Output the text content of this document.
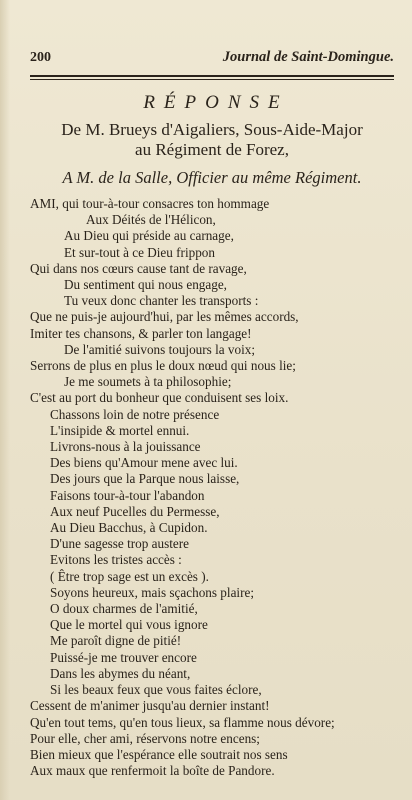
200	Journal de Saint-Domingue.
RÉPONSE
De M. Brueys d'Aigaliers, Sous-Aide-Major
au Régiment de Forez,
A M. de la Salle, Officier au même Régiment.
AMI, qui tour-à-tour consacres ton hommage
Aux Déités de l'Hélicon,
Au Dieu qui préside au carnage,
Et sur-tout à ce Dieu frippon
Qui dans nos cœurs cause tant de ravage,
Du sentiment qui nous engage,
Tu veux donc chanter les transports :
Que ne puis-je aujourd'hui, par les mêmes accords,
Imiter tes chansons, & parler ton langage!
De l'amitié suivons toujours la voix;
Serrons de plus en plus le doux nœud qui nous lie;
Je me soumets à ta philosophie;
C'est au port du bonheur que conduisent ses loix.
Chassons loin de notre présence
L'insipide & mortel ennui.
Livrons-nous à la jouissance
Des biens qu'Amour mene avec lui.
Des jours que la Parque nous laisse,
Faisons tour-à-tour l'abandon
Aux neuf Pucelles du Permesse,
Au Dieu Bacchus, à Cupidon.
D'une sagesse trop austere
Evitons les tristes accès :
( Être trop sage est un excès ).
Soyons heureux, mais sçachons plaire;
O doux charmes de l'amitié,
Que le mortel qui vous ignore
Me paroît digne de pitié!
Puissé-je me trouver encore
Dans les abymes du néant,
Si les beaux feux que vous faites éclore,
Cessent de m'animer jusqu'au dernier instant!
Qu'en tout tems, qu'en tous lieux, sa flamme nous dévore;
Pour elle, cher ami, réservons notre encens;
Bien mieux que l'espérance elle soutrait nos sens
Aux maux que renfermoit la boîte de Pandore.
